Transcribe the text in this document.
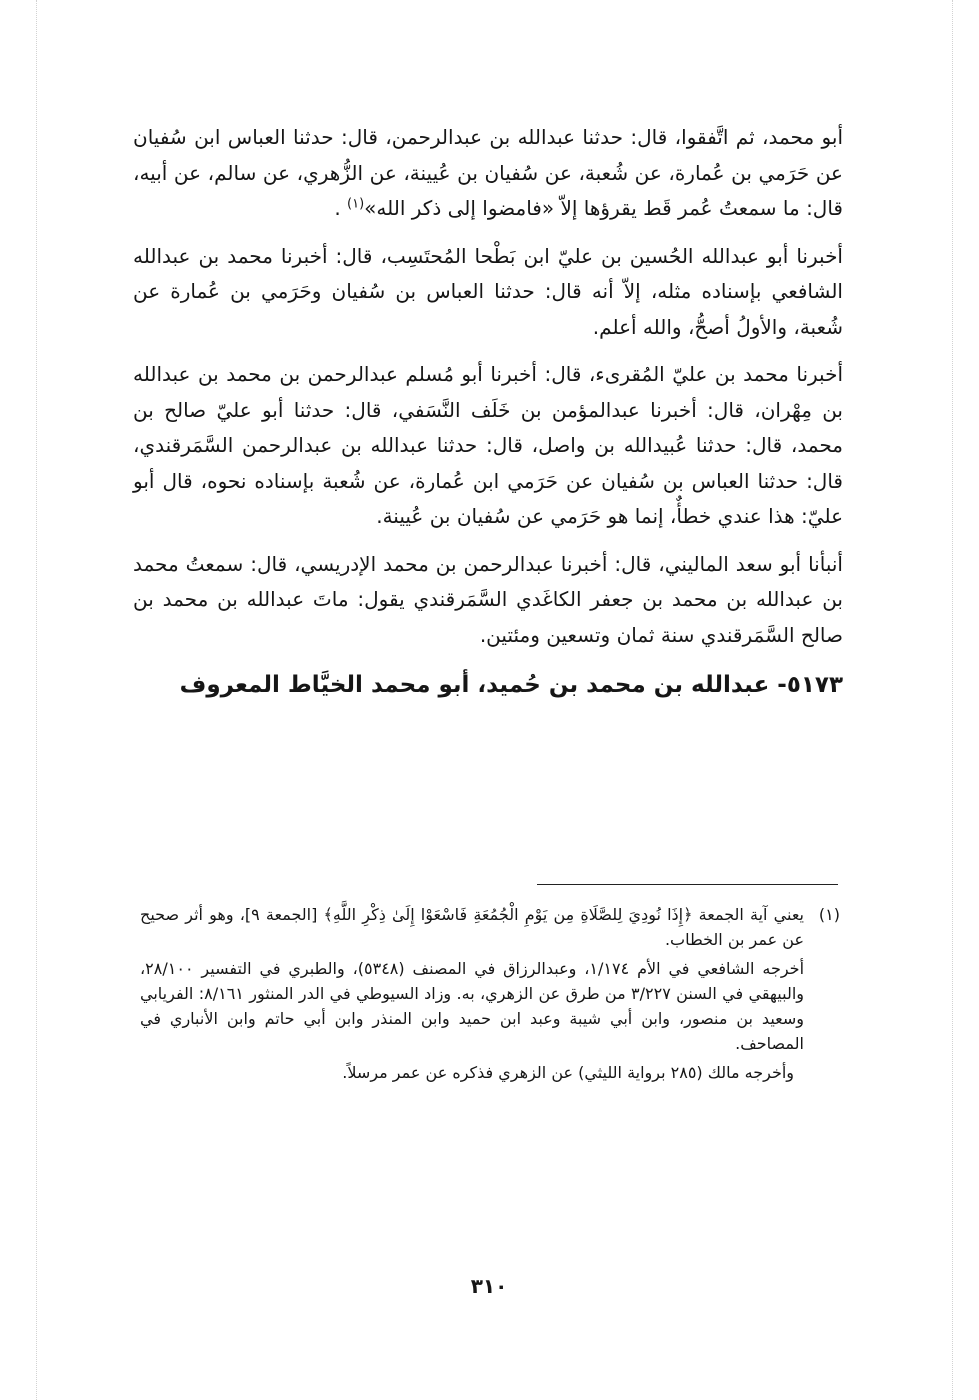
أبو محمد، ثم اتَّفقوا، قال: حدثنا عبدالله بن عبدالرحمن، قال: حدثنا العباس ابن سُفيان عن حَرَمي بن عُمارة، عن شُعبة، عن سُفيان بن عُيينة، عن الزُّهري، عن سالم، عن أبيه، قال: ما سمعتُ عُمر قَط يقرؤها إلاّ «فامضوا إلى ذكر الله»$^{(١)}$ .

أخبرنا أبو عبدالله الحُسين بن عليّ ابن بَطْحا المُحتَسِب، قال: أخبرنا محمد بن عبدالله الشافعي بإسناده مثله، إلاّ أنه قال: حدثنا العباس بن سُفيان وحَرَمي بن عُمارة عن شُعبة، والأولُ أصحُّ، والله أعلم.

أخبرنا محمد بن عليّ المُقرىء، قال: أخبرنا أبو مُسلم عبدالرحمن بن محمد بن عبدالله بن مِهْران، قال: أخبرنا عبدالمؤمن بن خَلَف النَّسَفي، قال: حدثنا أبو عليّ صالح بن محمد، قال: حدثنا عُبيدالله بن واصل، قال: حدثنا عبدالله بن عبدالرحمن السَّمَرقندي، قال: حدثنا العباس بن سُفيان عن حَرَمي ابن عُمارة، عن شُعبة بإسناده نحوه، قال أبو عليّ: هذا عندي خطأٌ، إنما هو حَرَمي عن سُفيان بن عُيينة.

أنبأنا أبو سعد الماليني، قال: أخبرنا عبدالرحمن بن محمد الإدريسي، قال: سمعتُ محمد بن عبدالله بن محمد بن جعفر الكاغَدي السَّمَرقندي يقول: ماتَ عبدالله بن محمد بن صالح السَّمَرقندي سنة ثمان وتسعين ومئتين.

٥١٧٣- عبدالله بن محمد بن حُميد، أبو محمد الخيَّاط المعروف

(١)

يعني آية الجمعة ﴿إِذَا نُودِيَ لِلصَّلَاةِ مِن يَوْمِ الْجُمُعَةِ فَاسْعَوْا إِلَىٰ ذِكْرِ اللَّهِ﴾ [الجمعة ٩]، وهو أثر صحيح عن عمر بن الخطاب.

أخرجه الشافعي في الأم ١/١٧٤، وعبدالرزاق في المصنف (٥٣٤٨)، والطبري في التفسير ٢٨/١٠٠، والبيهقي في السنن ٣/٢٢٧ من طرق عن الزهري، به. وزاد السيوطي في الدر المنثور ٨/١٦١: الفريابي وسعيد بن منصور، وابن أبي شيبة وعبد ابن حميد وابن المنذر وابن أبي حاتم وابن الأنباري في المصاحف.

وأخرجه مالك (٢٨٥ برواية الليثي) عن الزهري فذكره عن عمر مرسلاً.

٣١٠
